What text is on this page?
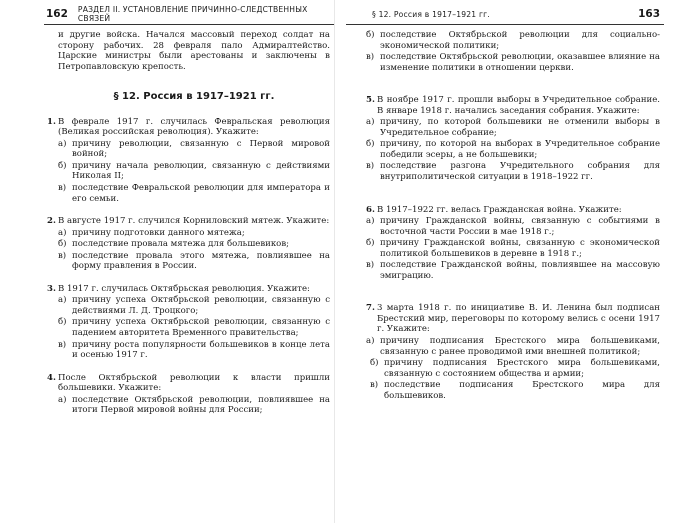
162 РАЗДЕЛ II. УСТАНОВЛЕНИЕ ПРИЧИННО-СЛЕДСТВЕННЫХ СВЯЗЕЙ

и другие войска. Начался массовый переход солдат на сторону рабочих. 28 февраля пало Адмиралтейство. Царские министры были арестованы и заключены в Петропавловскую крепость.

§ 12. Россия в 1917–1921 гг.
1. В феврале 1917 г. случилась Февральская революция (Великая российская революция). Укажите:
а) причину революции, связанную с Первой мировой войной;
б) причину начала революции, связанную с действиями Николая II;
в) последствие Февральской революции для императора и его семьи.
2. В августе 1917 г. случился Корниловский мятеж. Укажите:
а) причину подготовки данного мятежа;
б) последствие провала мятежа для большевиков;
в) последствие провала этого мятежа, повлиявшее на форму правления в России.
3. В 1917 г. случилась Октябрьская революция. Укажите:
а) причину успеха Октябрьской революции, связанную с действиями Л. Д. Троцкого;
б) причину успеха Октябрьской революции, связанную с падением авторитета Временного правительства;
в) причину роста популярности большевиков в конце лета и осенью 1917 г.
4. После Октябрьской революции к власти пришли большевики. Укажите:
а) последствие Октябрьской революции, повлиявшее на итоги Первой мировой войны для России;
§ 12. Россия в 1917–1921 гг.	163
б) последствие Октябрьской революции для социально-экономической политики;
в) последствие Октябрьской революции, оказавшее влияние на изменение политики в отношении церкви.
5. В ноябре 1917 г. прошли выборы в Учредительное собрание. В январе 1918 г. начались заседания собрания. Укажите:
а) причину, по которой большевики не отменили выборы в Учредительное собрание;
б) причину, по которой на выборах в Учредительное собрание победили эсеры, а не большевики;
в) последствие разгона Учредительного собрания для внутриполитической ситуации в 1918–1922 гг.
6. В 1917–1922 гг. велась Гражданская война. Укажите:
а) причину Гражданской войны, связанную с событиями в восточной части России в мае 1918 г.;
б) причину Гражданской войны, связанную с экономической политикой большевиков в деревне в 1918 г.;
в) последствие Гражданской войны, повлиявшее на массовую эмиграцию.
7. 3 марта 1918 г. по инициативе В. И. Ленина был подписан Брестский мир, переговоры по которому велись с осени 1917 г. Укажите:
а) причину подписания Брестского мира большевиками, связанную с ранее проводимой ими внешней политикой;
б) причину подписания Брестского мира большевиками, связанную с состоянием общества и армии;
в) последствие подписания Брестского мира для большевиков.
